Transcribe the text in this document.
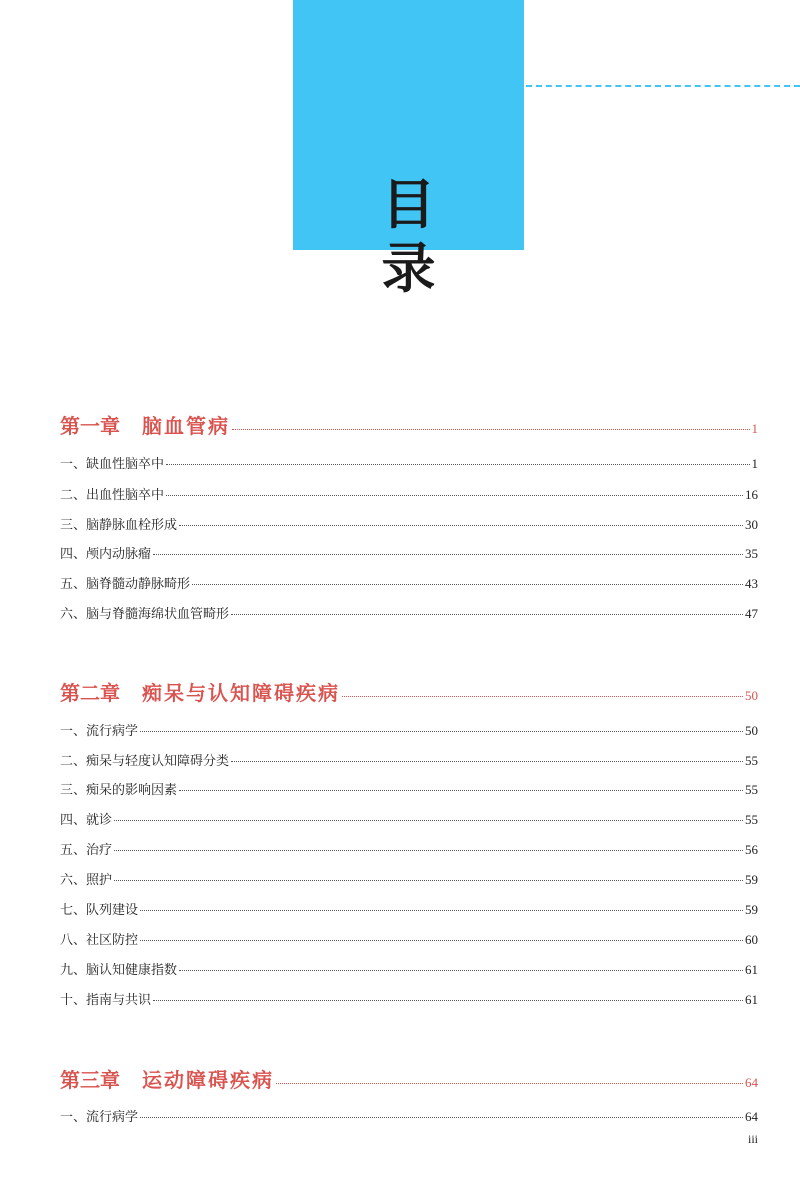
目录
第一章 脑血管病	1
一、缺血性脑卒中	1
二、出血性脑卒中	16
三、脑静脉血栓形成	30
四、颅内动脉瘤	35
五、脑脊髓动静脉畸形	43
六、脑与脊髓海绵状血管畸形	47
第二章 痴呆与认知障碍疾病	50
一、流行病学	50
二、痴呆与轻度认知障碍分类	55
三、痴呆的影响因素	55
四、就诊	55
五、治疗	56
六、照护	59
七、队列建设	59
八、社区防控	60
九、脑认知健康指数	61
十、指南与共识	61
第三章 运动障碍疾病	64
一、流行病学	64
iii
